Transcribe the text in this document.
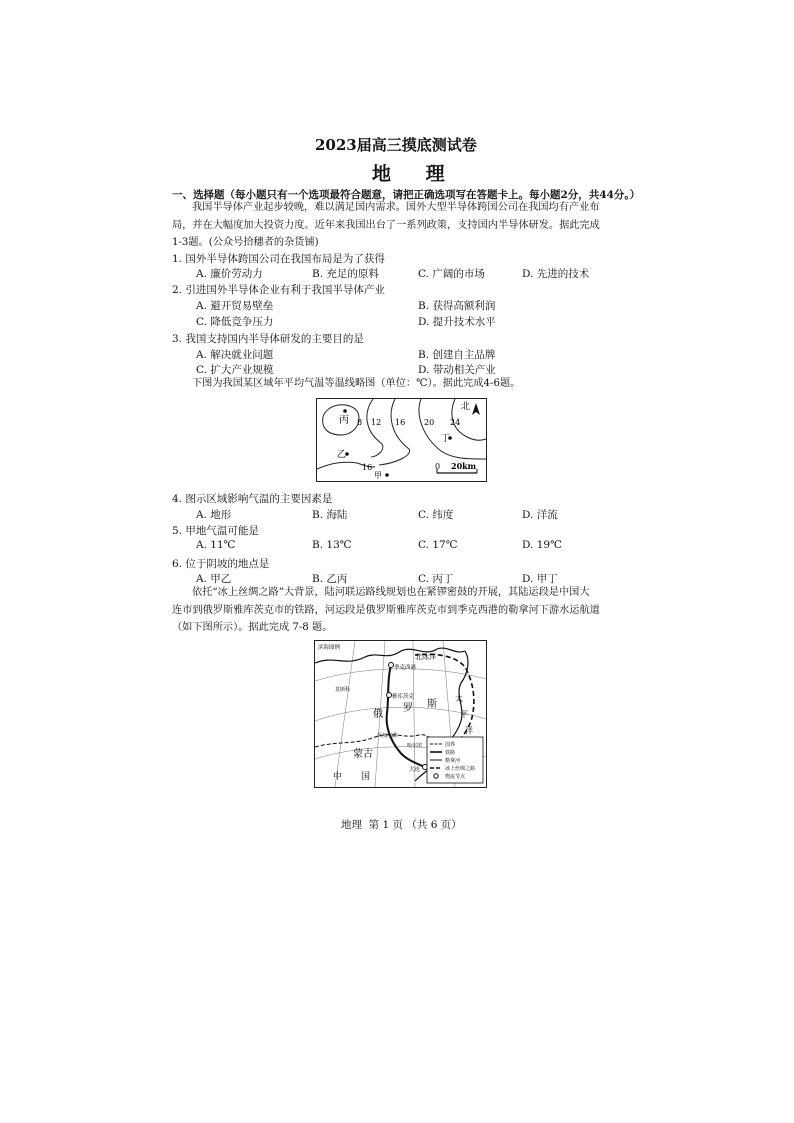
2023届高三摸底测试卷
地 理
一、选择题（每小题只有一个选项最符合题意，请把正确选项写在答题卡上。每小题2分，共44分。）
我国半导体产业起步较晚，难以满足国内需求。国外大型半导体跨国公司在我国均有产业布
局，并在大幅度加大投资力度。近年来我国出台了一系列政策，支持国内半导体研发。据此完成
1-3题。(公众号拾穗者的杂货铺)
1. 国外半导体跨国公司在我国布局是为了获得
A. 廉价劳动力	B. 充足的原料	C. 广阔的市场	D. 先进的技术
2. 引进国外半导体企业有利于我国半导体产业
A. 避开贸易壁垒	B. 获得高额利润
C. 降低竞争压力	D. 提升技术水平
3. 我国支持国内半导体研发的主要目的是
A. 解决就业问题	B. 创建自主品牌
C. 扩大产业规模	D. 带动相关产业
下图为我国某区域年平均气温等温线略图（单位：℃）。据此完成4-6题。
丙
丁
乙
甲
8 12 16 20 24
16
北
0 20km
4. 图示区域影响气温的主要因素是
A. 地形	B. 海陆	C. 纬度	D. 洋流
5. 甲地气温可能是
A. 11℃	B. 13℃	C. 17℃	D. 19℃
6. 位于阴坡的地点是
A. 甲乙	B. 乙丙	C. 丙丁	D. 甲丁
依托“冰上丝绸之路”大背景，陆河联运路线规划也在紧锣密鼓的开展，其陆运段是中国大
连市到俄罗斯雅库茨克市的铁路，河运段是俄罗斯雅库茨克市到季克西港的勒拿河下游水运航道
（如下图所示）。据此完成 7-8 题。
滨海图例
北冰洋
季克西港
雅库茨克
俄
罗 斯
蒙古
中 国
太
平
洋
大连
莫斯科
贝加尔湖
哈尔滨	国界
铁路
勒拿河
冰上丝绸之路
物流节点
地理  第 1 页 （共 6 页）
